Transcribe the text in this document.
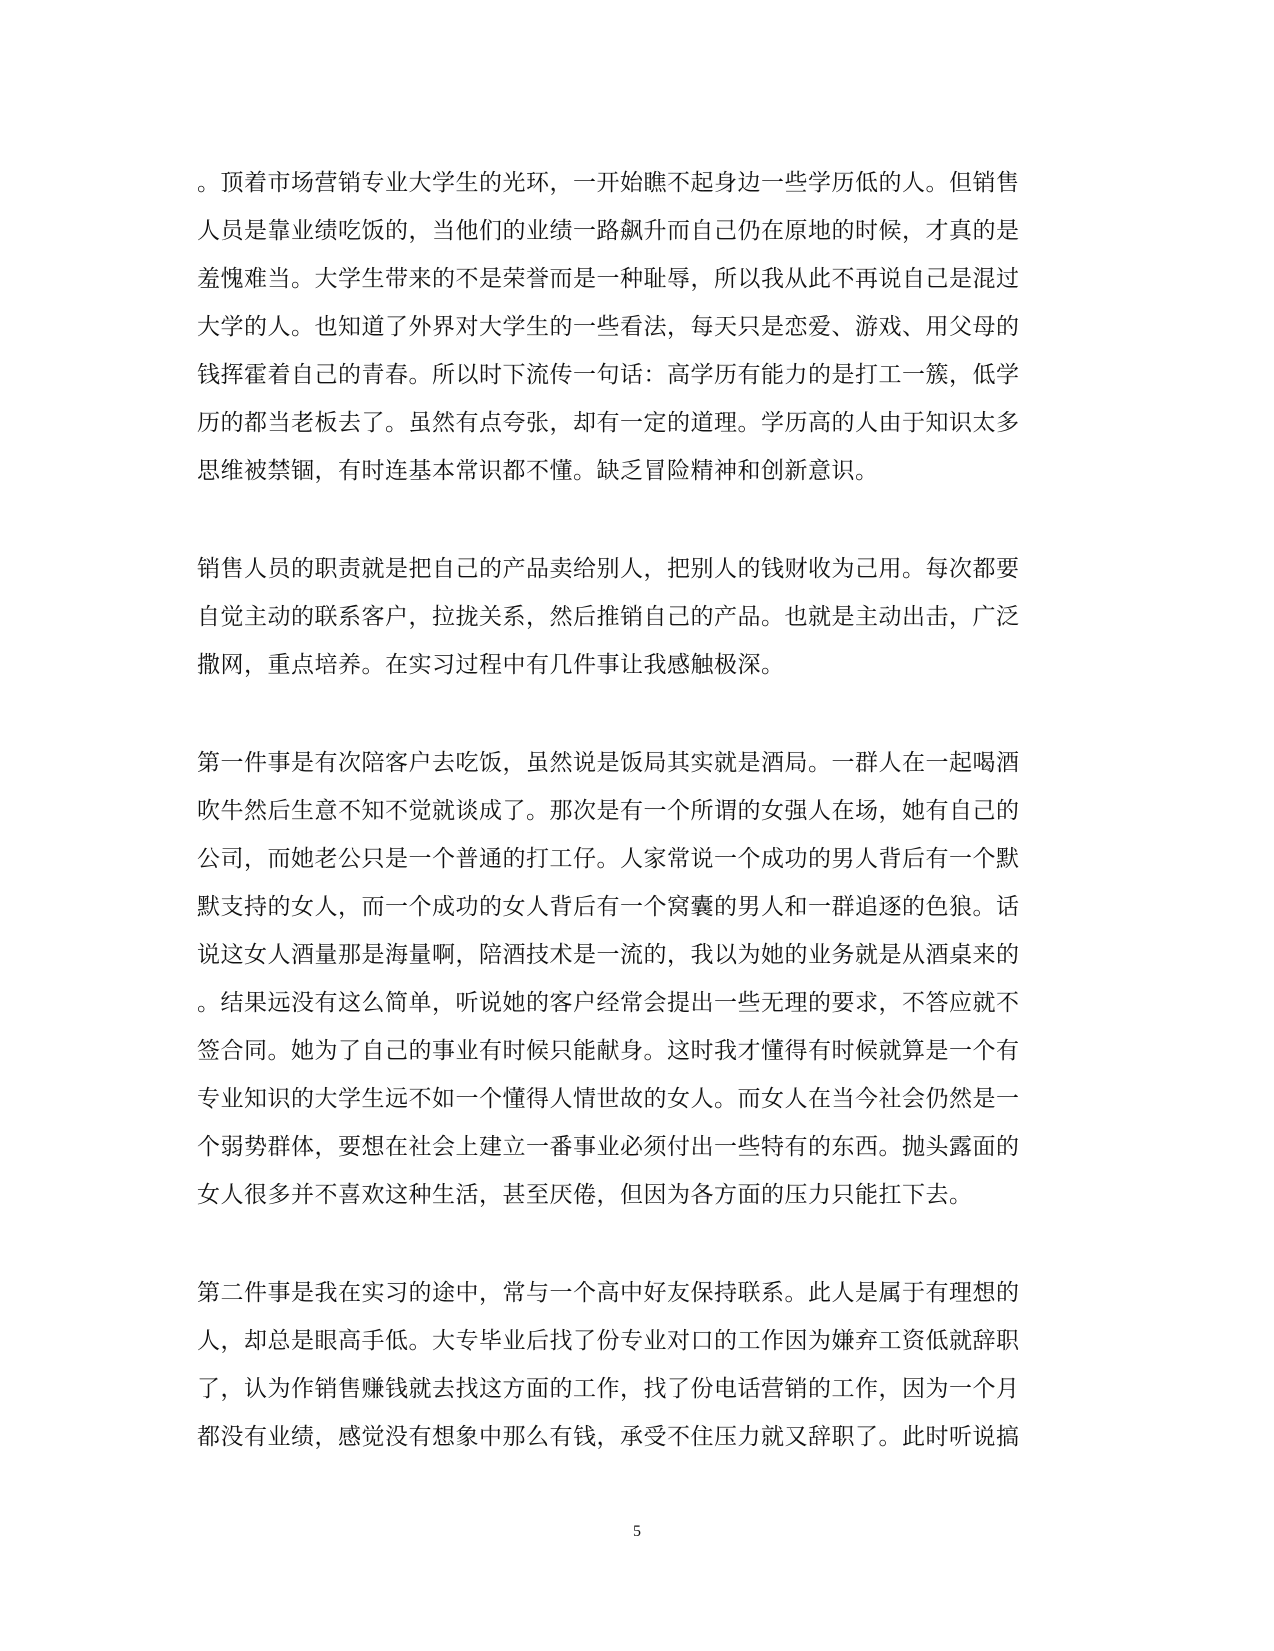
。顶着市场营销专业大学生的光环，一开始瞧不起身边一些学历低的人。但销售
人员是靠业绩吃饭的，当他们的业绩一路飙升而自己仍在原地的时候，才真的是
羞愧难当。大学生带来的不是荣誉而是一种耻辱，所以我从此不再说自己是混过
大学的人。也知道了外界对大学生的一些看法，每天只是恋爱、游戏、用父母的
钱挥霍着自己的青春。所以时下流传一句话：高学历有能力的是打工一簇，低学
历的都当老板去了。虽然有点夸张，却有一定的道理。学历高的人由于知识太多
思维被禁锢，有时连基本常识都不懂。缺乏冒险精神和创新意识。
销售人员的职责就是把自己的产品卖给别人，把别人的钱财收为己用。每次都要
自觉主动的联系客户，拉拢关系，然后推销自己的产品。也就是主动出击，广泛
撒网，重点培养。在实习过程中有几件事让我感触极深。
第一件事是有次陪客户去吃饭，虽然说是饭局其实就是酒局。一群人在一起喝酒
吹牛然后生意不知不觉就谈成了。那次是有一个所谓的女强人在场，她有自己的
公司，而她老公只是一个普通的打工仔。人家常说一个成功的男人背后有一个默
默支持的女人，而一个成功的女人背后有一个窝囊的男人和一群追逐的色狼。话
说这女人酒量那是海量啊，陪酒技术是一流的，我以为她的业务就是从酒桌来的
。结果远没有这么简单，听说她的客户经常会提出一些无理的要求，不答应就不
签合同。她为了自己的事业有时候只能献身。这时我才懂得有时候就算是一个有
专业知识的大学生远不如一个懂得人情世故的女人。而女人在当今社会仍然是一
个弱势群体，要想在社会上建立一番事业必须付出一些特有的东西。抛头露面的
女人很多并不喜欢这种生活，甚至厌倦，但因为各方面的压力只能扛下去。
第二件事是我在实习的途中，常与一个高中好友保持联系。此人是属于有理想的
人，却总是眼高手低。大专毕业后找了份专业对口的工作因为嫌弃工资低就辞职
了，认为作销售赚钱就去找这方面的工作，找了份电话营销的工作，因为一个月
都没有业绩，感觉没有想象中那么有钱，承受不住压力就又辞职了。此时听说搞
5
